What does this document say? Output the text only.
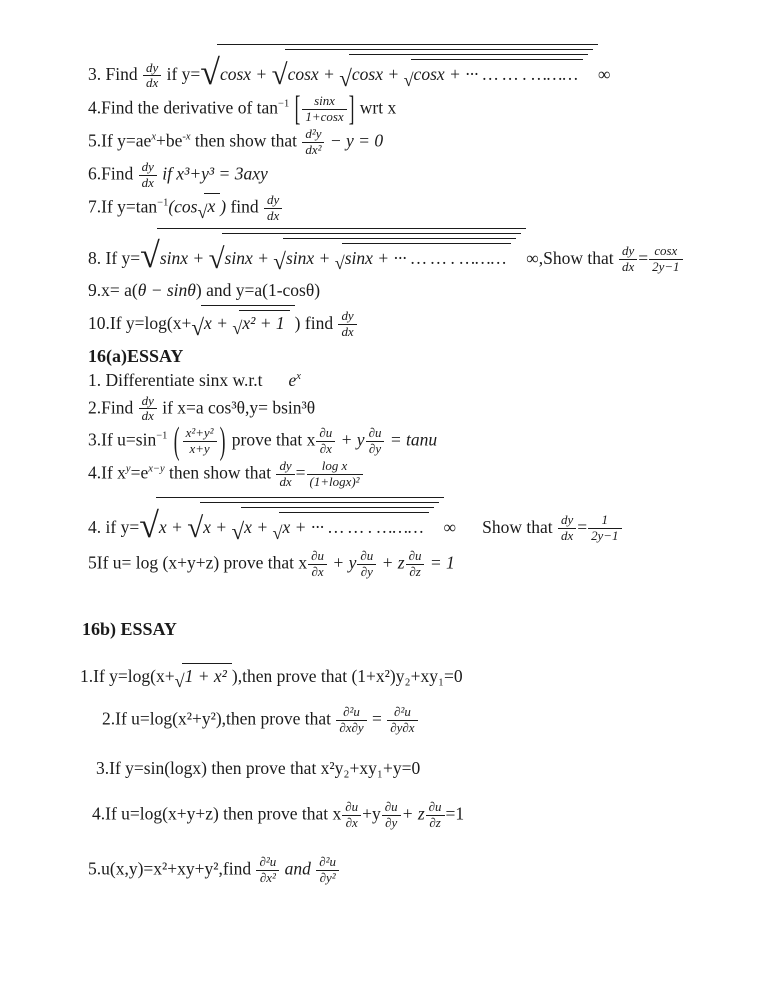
3. Find $\frac{dy}{dx}$ if y=√cosx + √cosx + √cosx + √cosx + ··· … … . ……… ∞
4.Find the derivative of $\tan^{-1}$ [ $\frac{\sin x}{1+\cos x}$ ] wrt x
5.If $y=ae^x+be^{-x}$ then show that $\frac{\text{d²y}}{\text{dx²}} - y = 0$
6.Find $\frac{dy}{dx}$ if x³+y³ = 3axy
7.If $y=\tan^{-1}(\cos√x$ ) find $\frac{dy}{dx}$
8. If y=√sinx + √sinx + √sinx + √sinx + ··· … … . ……… ∞,Show that $\frac{dy}{dx} = \frac{\cos x}{2y-1}$
9.x= a(θ − sinθ) and y=a(1-cosθ)
10.If y=log(x+√x + √x² + 1 ) find $\frac{dy}{dx}$
16(a)ESSAY
1. Differentiate sinx w.r.t $e^x$
2.Find $\frac{dy}{dx}$ if x=a cos³θ,y= bsin³θ
3.If $u=\sin^{-1}$ ( $\frac{\text{x²+y²}}{x+y}$ ) prove that x $\frac{\partial u}{\partial x} + y \frac{\partial u}{\partial y} = \tan u$
4.If $x^y=e^{x-y}$ then show that $\frac{dy}{dx} = \frac{\text{log x}}{\text{(1+logx)²}}$
4. if y=√x + √x + √x + √x + ··· … … . ……… ∞ Show that $\frac{dy}{dx} = \frac{1}{2y-1}$
5If u= log (x+y+z) prove that x $\frac{\partial u}{\partial x} + y \frac{\partial u}{\partial y} + z \frac{\partial u}{\partial z} = 1$
16b) ESSAY
1.If y=log(x+√1 + x² ),then prove that (1+x²)y₂+xy₁=0
2.If u=log(x²+y²),then prove that $\frac{\text{∂²u}}{\partial x\partial y} = \frac{\text{∂²u}}{\partial y\partial x}$
3.If y=sin(logx) then prove that x²y₂+xy₁+y=0
4.If u=log(x+y+z) then prove that x $\frac{\partial u}{\partial x} +y \frac{\partial u}{\partial y} + z \frac{\partial u}{\partial z} =1$
5.u(x,y)=x²+xy+y²,find $\frac{\text{∂²u}}{\text{∂x²}}$ and $\frac{\text{∂²u}}{\text{∂y²}}$
